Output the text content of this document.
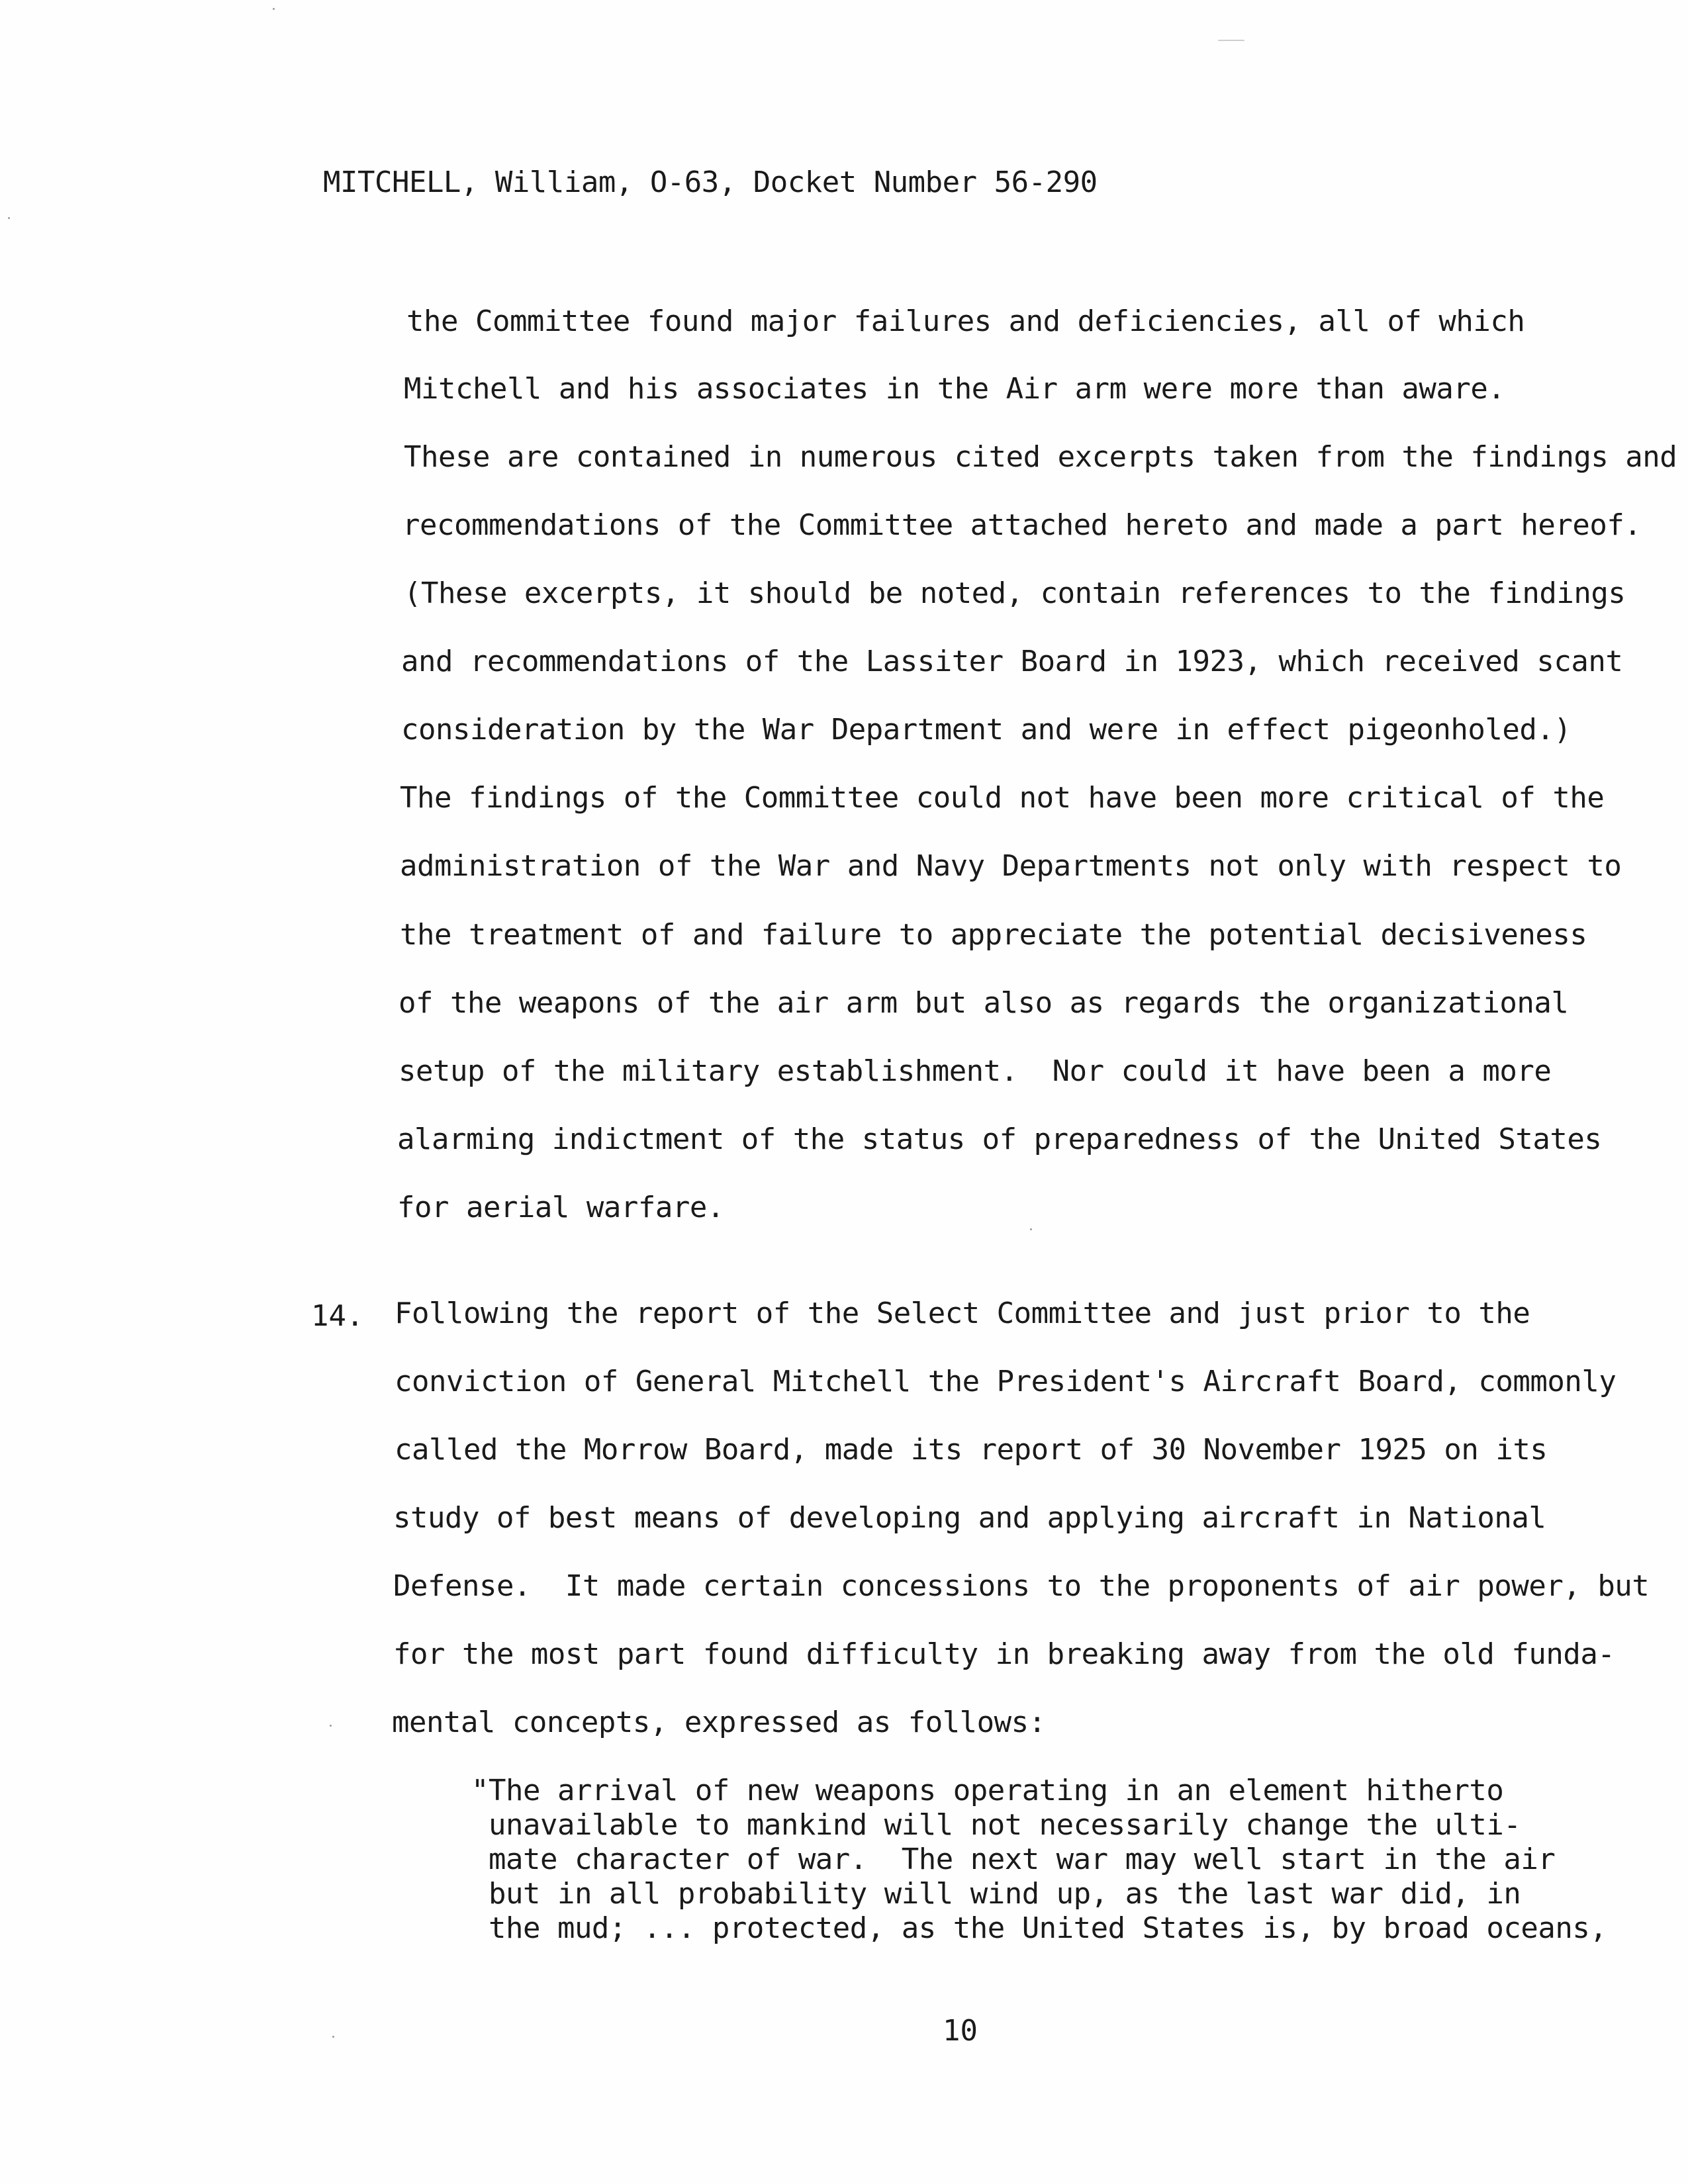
MITCHELL, William, O-63, Docket Number 56-290
the Committee found major failures and deficiencies, all of which
Mitchell and his associates in the Air arm were more than aware.
These are contained in numerous cited excerpts taken from the findings and
recommendations of the Committee attached hereto and made a part hereof.
(These excerpts, it should be noted, contain references to the findings
and recommendations of the Lassiter Board in 1923, which received scant
consideration by the War Department and were in effect pigeonholed.)
The findings of the Committee could not have been more critical of the
administration of the War and Navy Departments not only with respect to
the treatment of and failure to appreciate the potential decisiveness
of the weapons of the air arm but also as regards the organizational
setup of the military establishment.  Nor could it have been a more
alarming indictment of the status of preparedness of the United States
for aerial warfare.
14. Following the report of the Select Committee and just prior to the
conviction of General Mitchell the President's Aircraft Board, commonly
called the Morrow Board, made its report of 30 November 1925 on its
study of best means of developing and applying aircraft in National
Defense.  It made certain concessions to the proponents of air power, but
for the most part found difficulty in breaking away from the old funda-
mental concepts, expressed as follows:
"The arrival of new weapons operating in an element hitherto
unavailable to mankind will not necessarily change the ulti-
mate character of war.  The next war may well start in the air
but in all probability will wind up, as the last war did, in
the mud; ... protected, as the United States is, by broad oceans,
10
